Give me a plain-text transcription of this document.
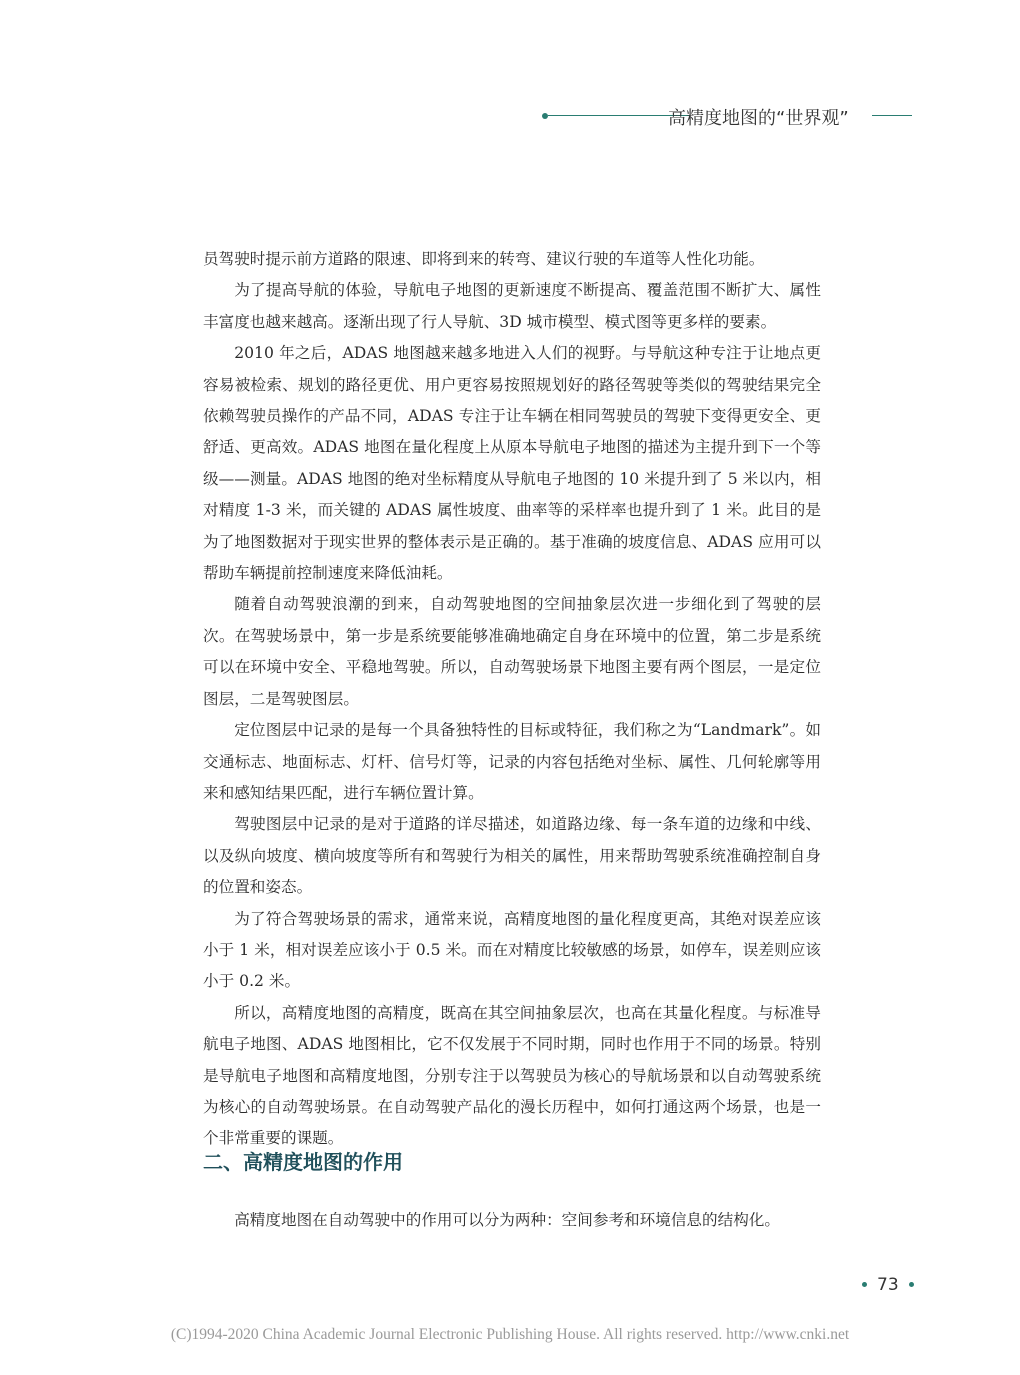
高精度地图的“世界观”

员驾驶时提示前方道路的限速、即将到来的转弯、建议行驶的车道等人性化功能。

为了提高导航的体验，导航电子地图的更新速度不断提高、覆盖范围不断扩大、属性丰富度也越来越高。逐渐出现了行人导航、3D 城市模型、模式图等更多样的要素。

2010 年之后，ADAS 地图越来越多地进入人们的视野。与导航这种专注于让地点更容易被检索、规划的路径更优、用户更容易按照规划好的路径驾驶等类似的驾驶结果完全依赖驾驶员操作的产品不同，ADAS 专注于让车辆在相同驾驶员的驾驶下变得更安全、更舒适、更高效。ADAS 地图在量化程度上从原本导航电子地图的描述为主提升到下一个等级——测量。ADAS 地图的绝对坐标精度从导航电子地图的 10 米提升到了 5 米以内，相对精度 1-3 米，而关键的 ADAS 属性坡度、曲率等的采样率也提升到了 1 米。此目的是为了地图数据对于现实世界的整体表示是正确的。基于准确的坡度信息、ADAS 应用可以帮助车辆提前控制速度来降低油耗。

随着自动驾驶浪潮的到来，自动驾驶地图的空间抽象层次进一步细化到了驾驶的层次。在驾驶场景中，第一步是系统要能够准确地确定自身在环境中的位置，第二步是系统可以在环境中安全、平稳地驾驶。所以，自动驾驶场景下地图主要有两个图层，一是定位图层，二是驾驶图层。

定位图层中记录的是每一个具备独特性的目标或特征，我们称之为“Landmark”。如交通标志、地面标志、灯杆、信号灯等，记录的内容包括绝对坐标、属性、几何轮廓等用来和感知结果匹配，进行车辆位置计算。

驾驶图层中记录的是对于道路的详尽描述，如道路边缘、每一条车道的边缘和中线、以及纵向坡度、横向坡度等所有和驾驶行为相关的属性，用来帮助驾驶系统准确控制自身的位置和姿态。

为了符合驾驶场景的需求，通常来说，高精度地图的量化程度更高，其绝对误差应该小于 1 米，相对误差应该小于 0.5 米。而在对精度比较敏感的场景，如停车，误差则应该小于 0.2 米。

所以，高精度地图的高精度，既高在其空间抽象层次，也高在其量化程度。与标准导航电子地图、ADAS 地图相比，它不仅发展于不同时期，同时也作用于不同的场景。特别是导航电子地图和高精度地图，分别专注于以驾驶员为核心的导航场景和以自动驾驶系统为核心的自动驾驶场景。在自动驾驶产品化的漫长历程中，如何打通这两个场景，也是一个非常重要的课题。

二、高精度地图的作用

高精度地图在自动驾驶中的作用可以分为两种：空间参考和环境信息的结构化。

73
(C)1994-2020 China Academic Journal Electronic Publishing House. All rights reserved. http://www.cnki.net
